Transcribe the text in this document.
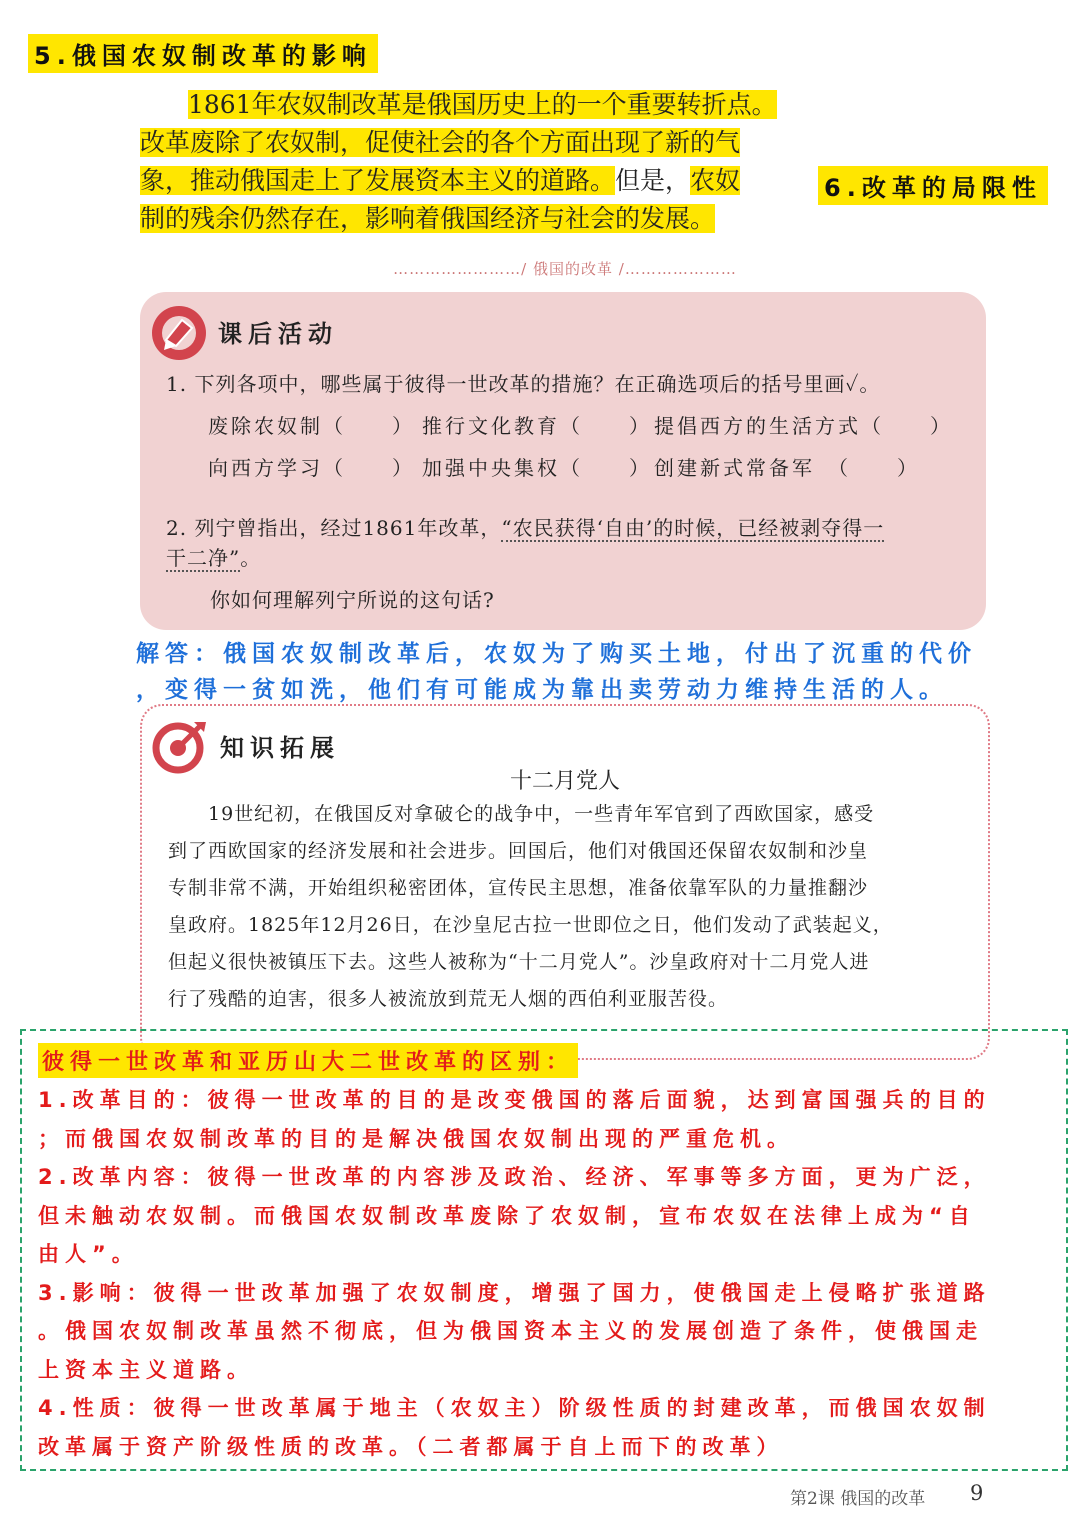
5.俄国农奴制改革的影响
1861年农奴制改革是俄国历史上的一个重要转折点。
改革废除了农奴制，促使社会的各个方面出现了新的气
象，推动俄国走上了发展资本主义的道路。但是，农奴
制的残余仍然存在，影响着俄国经济与社会的发展。
6.改革的局限性
……………………/ 俄国的改革 /…………………
课后活动
1. 下列各项中，哪些属于彼得一世改革的措施？在正确选项后的括号里画✓。
废除农奴制（　　） 推行文化教育（　　） 提倡西方的生活方式（　　）
向西方学习（　　） 加强中央集权（　　） 创建新式常备军　（　　）
2. 列宁曾指出，经过1861年改革，“农民获得‘自由’的时候，已经被剥夺得一
干二净”。
你如何理解列宁所说的这句话?
解答：俄国农奴制改革后，农奴为了购买土地，付出了沉重的代价
，变得一贫如洗，他们有可能成为靠出卖劳动力维持生活的人。
知识拓展
十二月党人
19世纪初，在俄国反对拿破仑的战争中，一些青年军官到了西欧国家，感受
到了西欧国家的经济发展和社会进步。回国后，他们对俄国还保留农奴制和沙皇
专制非常不满，开始组织秘密团体，宣传民主思想，准备依靠军队的力量推翻沙
皇政府。1825年12月26日，在沙皇尼古拉一世即位之日，他们发动了武装起义，
但起义很快被镇压下去。这些人被称为“十二月党人”。沙皇政府对十二月党人进
行了残酷的迫害，很多人被流放到荒无人烟的西伯利亚服苦役。
彼得一世改革和亚历山大二世改革的区别：
1.改革目的：彼得一世改革的目的是改变俄国的落后面貌，达到富国强兵的目的
；而俄国农奴制改革的目的是解决俄国农奴制出现的严重危机。
2.改革内容：彼得一世改革的内容涉及政治、经济、军事等多方面，更为广泛，
但未触动农奴制。而俄国农奴制改革废除了农奴制，宣布农奴在法律上成为“自
由人”。
3.影响：彼得一世改革加强了农奴制度，增强了国力，使俄国走上侵略扩张道路
。俄国农奴制改革虽然不彻底，但为俄国资本主义的发展创造了条件，使俄国走
上资本主义道路。
4.性质：彼得一世改革属于地主（农奴主）阶级性质的封建改革，而俄国农奴制
改革属于资产阶级性质的改革。（二者都属于自上而下的改革）
第2课 俄国的改革 9
